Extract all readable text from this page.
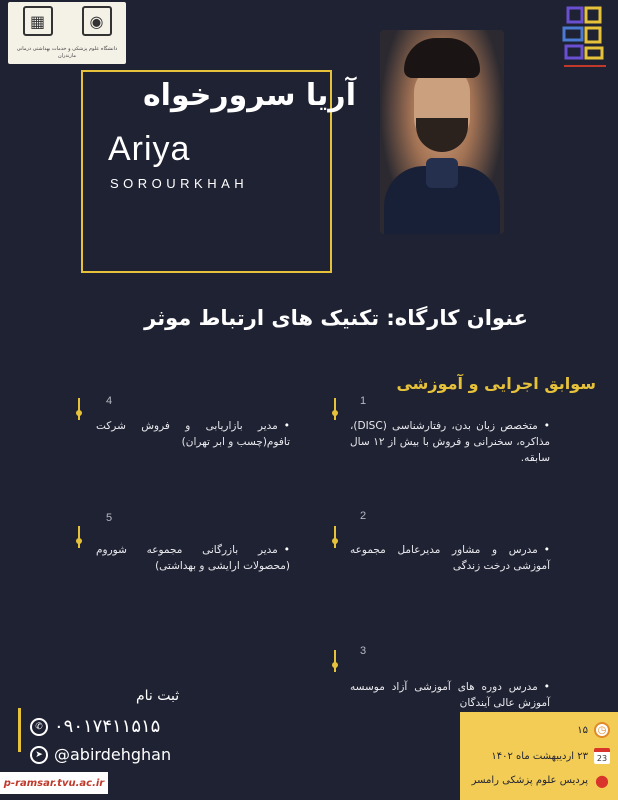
▦	◉
دانشگاه علوم پزشکی و خدمات بهداشتی درمانی مازندران
آریا سرورخواه
Ariya
SOROURKHAH
عنوان کارگاه: تکنیک های ارتباط موثر
سوابق اجرایی و آموزشی
1
•متخصص زبان بدن، رفتارشناسی (DISC)، مذاکره، سخنرانی و فروش با بیش از ۱۲ سال سابقه.
2
•مدرس و مشاور مدیرعامل مجموعه آموزشی درخت زندگی
3
•مدرس دوره های آموزشی آزاد موسسه آموزش عالی آیندگان
4
•مدیر بازاریابی و فروش شرکت تافوم(چسب و ابر تهران)
5
•مدیر بازرگانی مجموعه شوروم (محصولات ارایشی و بهداشتی)
ثبت نام
✆ ۰۹۰۱۷۴۱۱۵۱۵
➤ @abirdehghan
p-ramsar.tvu.ac.ir
◷
۱۵
23
۲۳ اردیبهشت ماه ۱۴۰۲
●
پردیس علوم پزشکی رامسر
